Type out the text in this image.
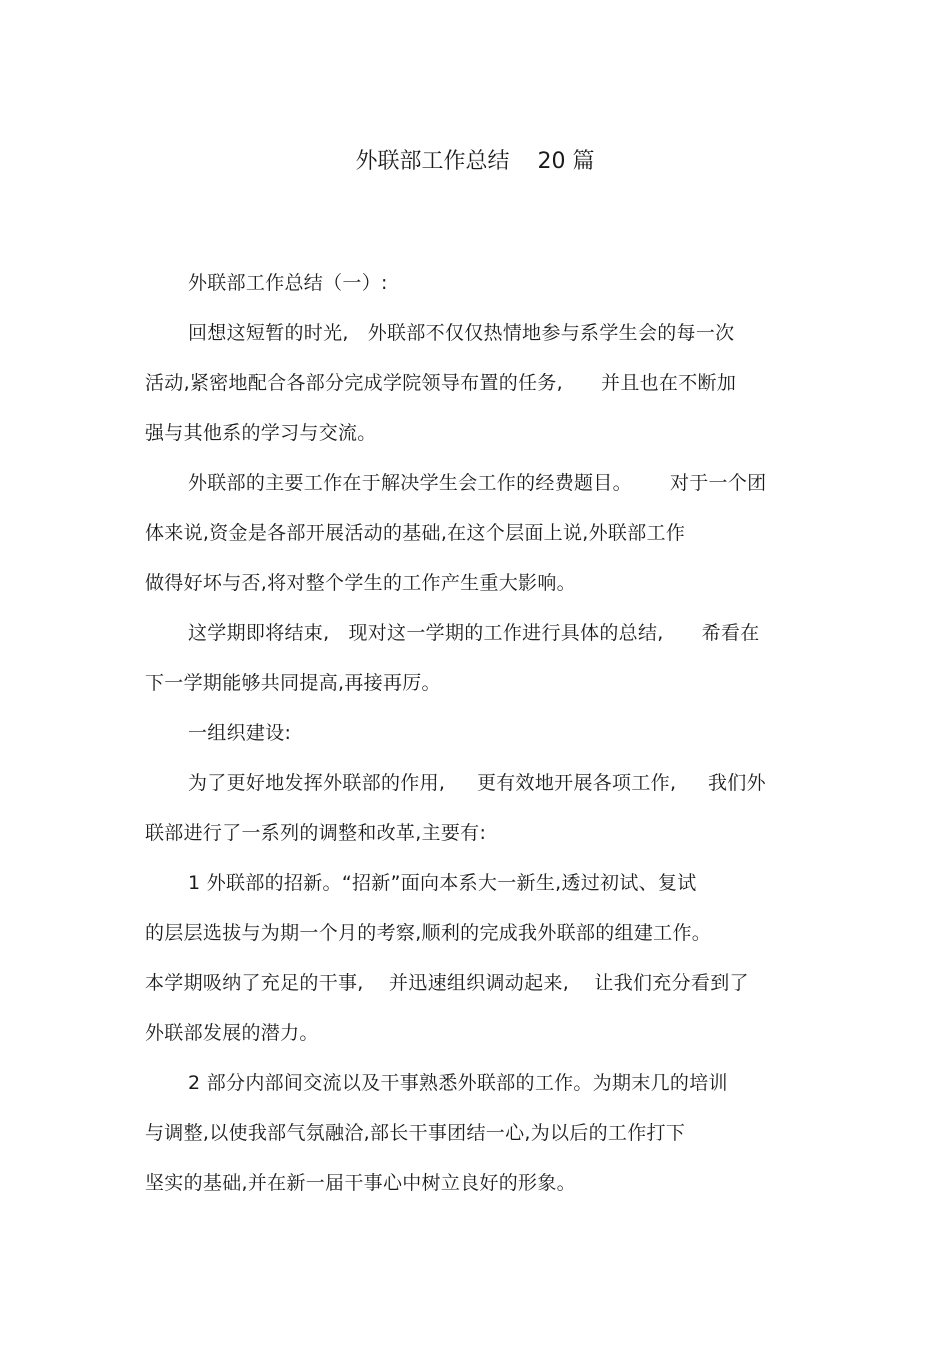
外联部工作总结    20 篇
外联部工作总结（一）:
回想这短暂的时光,   外联部不仅仅热情地参与系学生会的每一次
活动,紧密地配合各部分完成学院领导布置的任务,      并且也在不断加
强与其他系的学习与交流。
外联部的主要工作在于解决学生会工作的经费题目。      对于一个团
体来说,资金是各部开展活动的基础,在这个层面上说,外联部工作
做得好坏与否,将对整个学生的工作产生重大影响。
这学期即将结束,   现对这一学期的工作进行具体的总结,      希看在
下一学期能够共同提高,再接再厉。
一组织建设:
为了更好地发挥外联部的作用,     更有效地开展各项工作,     我们外
联部进行了一系列的调整和改革,主要有:
1 外联部的招新。“招新”面向本系大一新生,透过初试、复试
的层层选拔与为期一个月的考察,顺利的完成我外联部的组建工作。
本学期吸纳了充足的干事,    并迅速组织调动起来,    让我们充分看到了
外联部发展的潜力。
2 部分内部间交流以及干事熟悉外联部的工作。为期末几的培训
与调整,以使我部气氛融洽,部长干事团结一心,为以后的工作打下
坚实的基础,并在新一届干事心中树立良好的形象。
